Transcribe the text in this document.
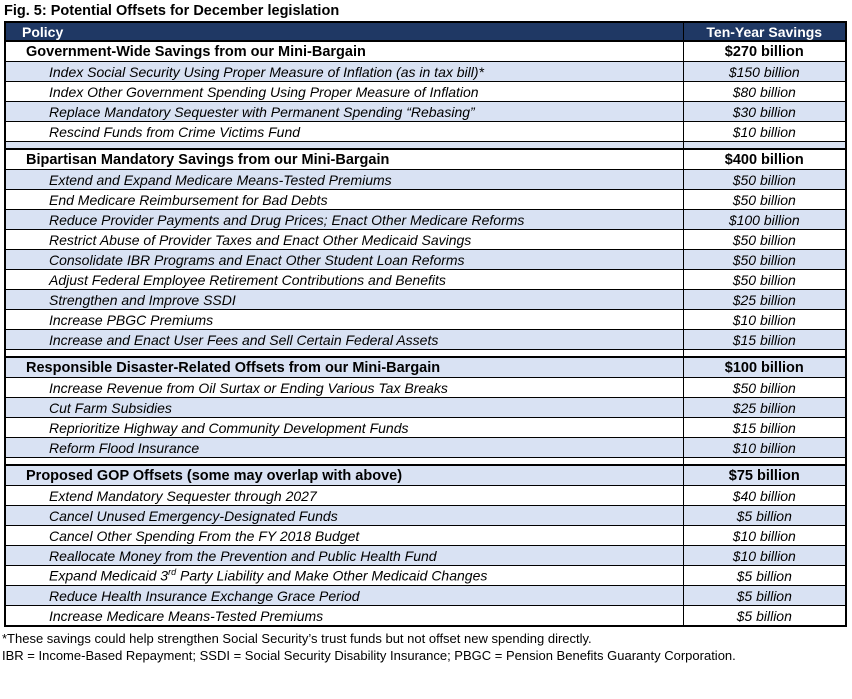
Fig. 5: Potential Offsets for December legislation
Policy	Ten-Year Savings
Government-Wide Savings from our Mini-Bargain	$270 billion
Index Social Security Using Proper Measure of Inflation (as in tax bill)*	$150 billion
Index Other Government Spending Using Proper Measure of Inflation	$80 billion
Replace Mandatory Sequester with Permanent Spending “Rebasing”	$30 billion
Rescind Funds from Crime Victims Fund	$10 billion

Bipartisan Mandatory Savings from our Mini-Bargain	$400 billion
Extend and Expand Medicare Means-Tested Premiums	$50 billion
End Medicare Reimbursement for Bad Debts	$50 billion
Reduce Provider Payments and Drug Prices; Enact Other Medicare Reforms	$100 billion
Restrict Abuse of Provider Taxes and Enact Other Medicaid Savings	$50 billion
Consolidate IBR Programs and Enact Other Student Loan Reforms	$50 billion
Adjust Federal Employee Retirement Contributions and Benefits	$50 billion
Strengthen and Improve SSDI	$25 billion
Increase PBGC Premiums	$10 billion
Increase and Enact User Fees and Sell Certain Federal Assets	$15 billion

Responsible Disaster-Related Offsets from our Mini-Bargain	$100 billion
Increase Revenue from Oil Surtax or Ending Various Tax Breaks	$50 billion
Cut Farm Subsidies	$25 billion
Reprioritize Highway and Community Development Funds	$15 billion
Reform Flood Insurance	$10 billion

Proposed GOP Offsets (some may overlap with above)	$75 billion
Extend Mandatory Sequester through 2027	$40 billion
Cancel Unused Emergency-Designated Funds	$5 billion
Cancel Other Spending From the FY 2018 Budget	$10 billion
Reallocate Money from the Prevention and Public Health Fund	$10 billion
Expand Medicaid 3rd Party Liability and Make Other Medicaid Changes	$5 billion
Reduce Health Insurance Exchange Grace Period	$5 billion
Increase Medicare Means-Tested Premiums	$5 billion
*These savings could help strengthen Social Security’s trust funds but not offset new spending directly.
IBR = Income-Based Repayment; SSDI = Social Security Disability Insurance; PBGC = Pension Benefits Guaranty Corporation.
